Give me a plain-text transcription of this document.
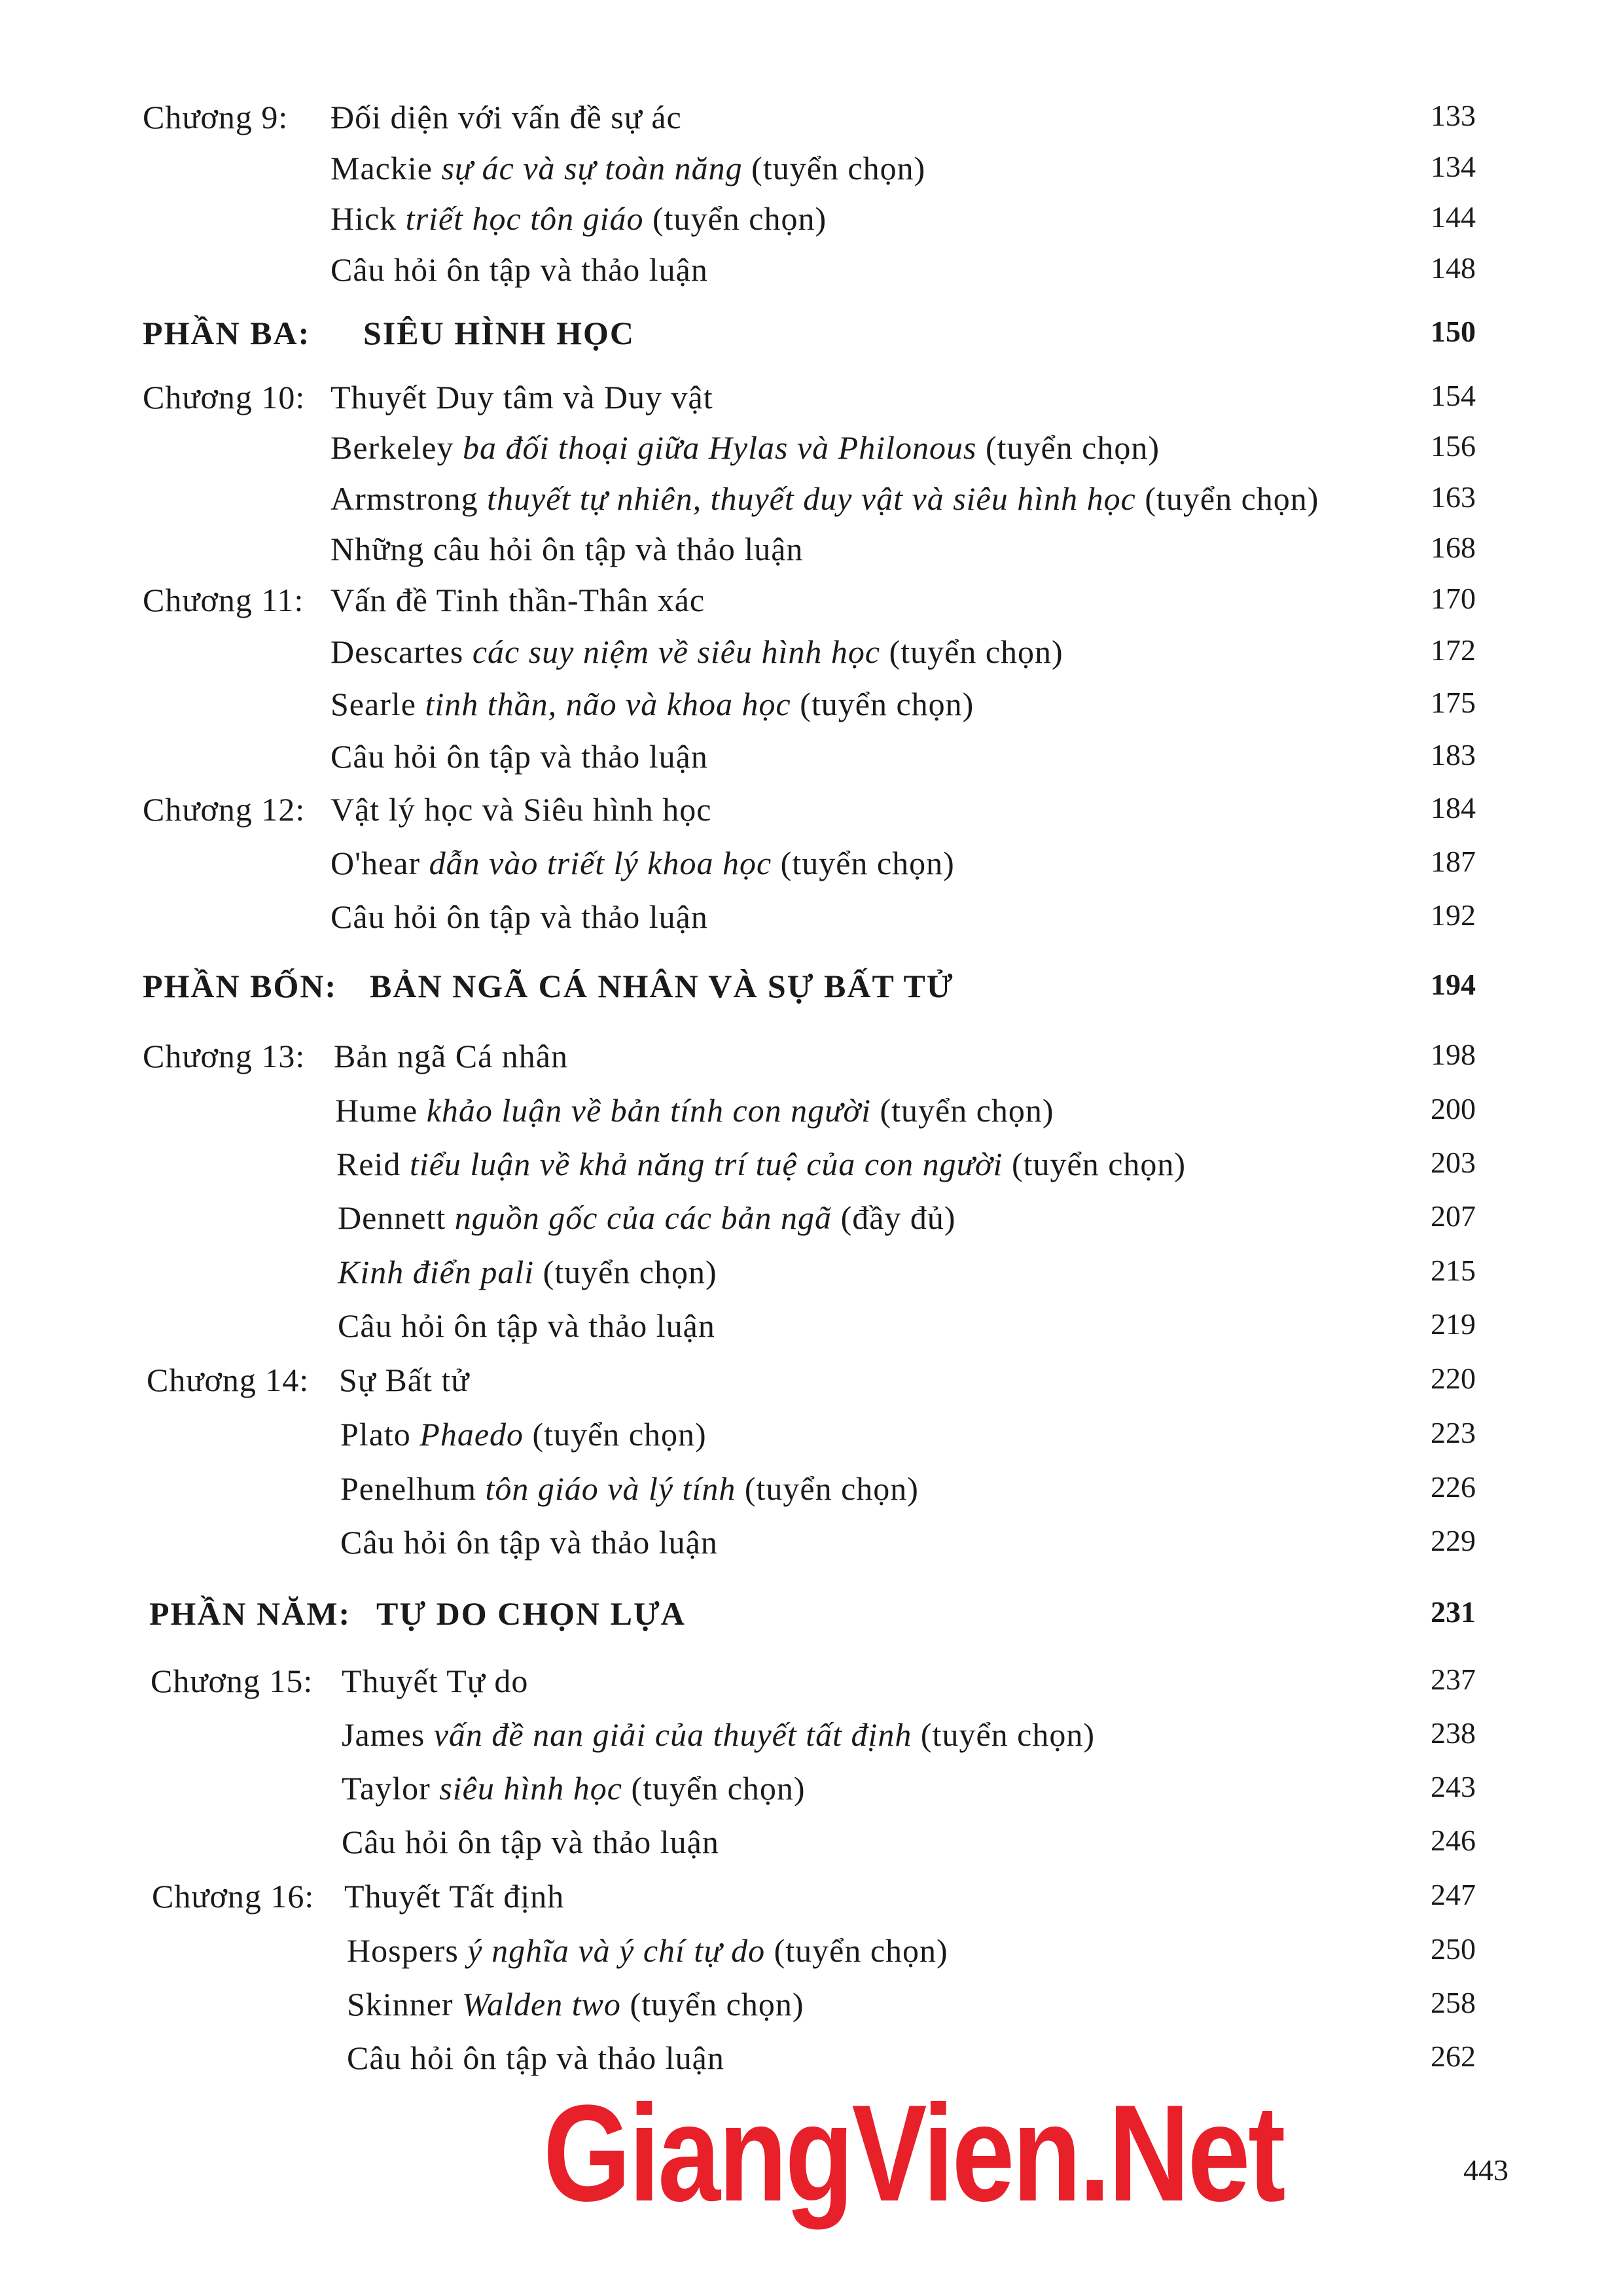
Chương 9: Đối diện với vấn đề sự ác	133
Mackie sự ác và sự toàn năng (tuyển chọn)	134
Hick triết học tôn giáo (tuyển chọn)	144
Câu hỏi ôn tập và thảo luận	148
PHẦN BA: SIÊU HÌNH HỌC	150
Chương 10: Thuyết Duy tâm và Duy vật	154
Berkeley ba đối thoại giữa Hylas và Philonous (tuyển chọn)	156
Armstrong thuyết tự nhiên, thuyết duy vật và siêu hình học (tuyển chọn)	163
Những câu hỏi ôn tập và thảo luận	168
Chương 11: Vấn đề Tinh thần-Thân xác	170
Descartes các suy niệm về siêu hình học (tuyển chọn)	172
Searle tinh thần, não và khoa học (tuyển chọn)	175
Câu hỏi ôn tập và thảo luận	183
Chương 12: Vật lý học và Siêu hình học	184
O'hear dẫn vào triết lý khoa học (tuyển chọn)	187
Câu hỏi ôn tập và thảo luận	192
PHẦN BỐN: BẢN NGÃ CÁ NHÂN VÀ SỰ BẤT TỬ	194
Chương 13: Bản ngã Cá nhân	198
Hume khảo luận về bản tính con người (tuyển chọn)	200
Reid tiểu luận về khả năng trí tuệ của con người (tuyển chọn)	203
Dennett nguồn gốc của các bản ngã (đầy đủ)	207
Kinh điển pali (tuyển chọn)	215
Câu hỏi ôn tập và thảo luận	219
Chương 14: Sự Bất tử	220
Plato Phaedo (tuyển chọn)	223
Penelhum tôn giáo và lý tính (tuyển chọn)	226
Câu hỏi ôn tập và thảo luận	229
PHẦN NĂM: TỰ DO CHỌN LỰA	231
Chương 15: Thuyết Tự do	237
James vấn đề nan giải của thuyết tất định (tuyển chọn)	238
Taylor siêu hình học (tuyển chọn)	243
Câu hỏi ôn tập và thảo luận	246
Chương 16: Thuyết Tất định	247
Hospers ý nghĩa và ý chí tự do (tuyển chọn)	250
Skinner Walden two (tuyển chọn)	258
Câu hỏi ôn tập và thảo luận	262
443
GiangVien.Net
